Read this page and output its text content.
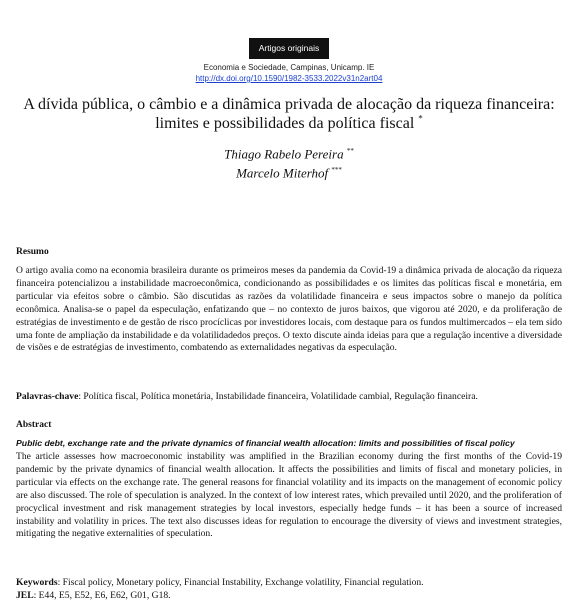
Artigos originais
Economia e Sociedade, Campinas, Unicamp. IE
http://dx.doi.org/10.1590/1982-3533.2022v31n2art04
A dívida pública, o câmbio e a dinâmica privada de alocação da riqueza financeira: limites e possibilidades da política fiscal *
Thiago Rabelo Pereira **
Marcelo Miterhof ***
Resumo
O artigo avalia como na economia brasileira durante os primeiros meses da pandemia da Covid-19 a dinâmica privada de alocação da riqueza financeira potencializou a instabilidade macroeconômica, condicionando as possibilidades e os limites das políticas fiscal e monetária, em particular via efeitos sobre o câmbio. São discutidas as razões da volatilidade financeira e seus impactos sobre o manejo da política econômica. Analisa-se o papel da especulação, enfatizando que – no contexto de juros baixos, que vigorou até 2020, e da proliferação de estratégias de investimento e de gestão de risco procíclicas por investidores locais, com destaque para os fundos multimercados – ela tem sido uma fonte de ampliação da instabilidade e da volatilidadedos preços. O texto discute ainda ideias para que a regulação incentive a diversidade de visões e de estratégias de investimento, combatendo as externalidades negativas da especulação.
Palavras-chave: Política fiscal, Política monetária, Instabilidade financeira, Volatilidade cambial, Regulação financeira.
Abstract
Public debt, exchange rate and the private dynamics of financial wealth allocation: limits and possibilities of fiscal policy
The article assesses how macroeconomic instability was amplified in the Brazilian economy during the first months of the Covid-19 pandemic by the private dynamics of financial wealth allocation. It affects the possibilities and limits of fiscal and monetary policies, in particular via effects on the exchange rate. The general reasons for financial volatility and its impacts on the management of economic policy are also discussed. The role of speculation is analyzed. In the context of low interest rates, which prevailed until 2020, and the proliferation of procyclical investment and risk management strategies by local investors, especially hedge funds – it has been a source of increased instability and volatility in prices. The text also discusses ideas for regulation to encourage the diversity of views and investment strategies, mitigating the negative externalities of speculation.
Keywords: Fiscal policy, Monetary policy, Financial Instability, Exchange volatility, Financial regulation.
JEL: E44, E5, E52, E6, E62, G01, G18.
